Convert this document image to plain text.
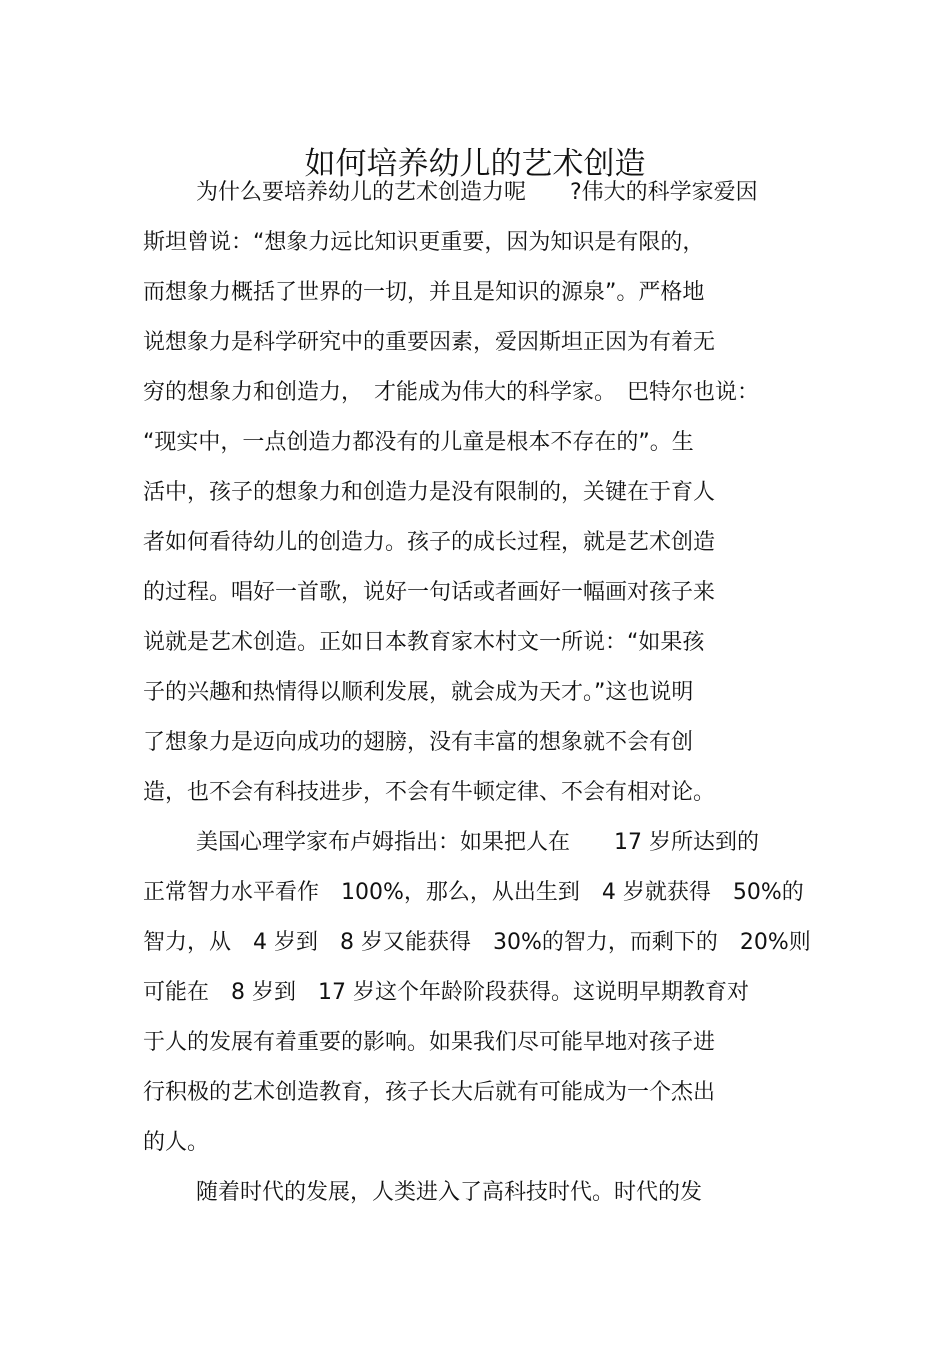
如何培养幼儿的艺术创造
为什么要培养幼儿的艺术创造力呢　　?伟大的科学家爱因
斯坦曾说：“想象力远比知识更重要，因为知识是有限的，
而想象力概括了世界的一切，并且是知识的源泉”。严格地
说想象力是科学研究中的重要因素，爱因斯坦正因为有着无
穷的想象力和创造力，　才能成为伟大的科学家。　巴特尔也说：
“现实中，一点创造力都没有的儿童是根本不存在的”。生
活中，孩子的想象力和创造力是没有限制的，关键在于育人
者如何看待幼儿的创造力。孩子的成长过程，就是艺术创造
的过程。唱好一首歌，说好一句话或者画好一幅画对孩子来
说就是艺术创造。正如日本教育家木村文一所说：“如果孩
子的兴趣和热情得以顺利发展，就会成为天才。”这也说明
了想象力是迈向成功的翅膀，没有丰富的想象就不会有创
造，也不会有科技进步，不会有牛顿定律、不会有相对论。
美国心理学家布卢姆指出：如果把人在　　17 岁所达到的
正常智力水平看作　100%，那么，从出生到　4 岁就获得　50%的
智力，从　4 岁到　8 岁又能获得　30%的智力，而剩下的　20%则
可能在　8 岁到　17 岁这个年龄阶段获得。这说明早期教育对
于人的发展有着重要的影响。如果我们尽可能早地对孩子进
行积极的艺术创造教育，孩子长大后就有可能成为一个杰出
的人。
随着时代的发展，人类进入了高科技时代。时代的发
